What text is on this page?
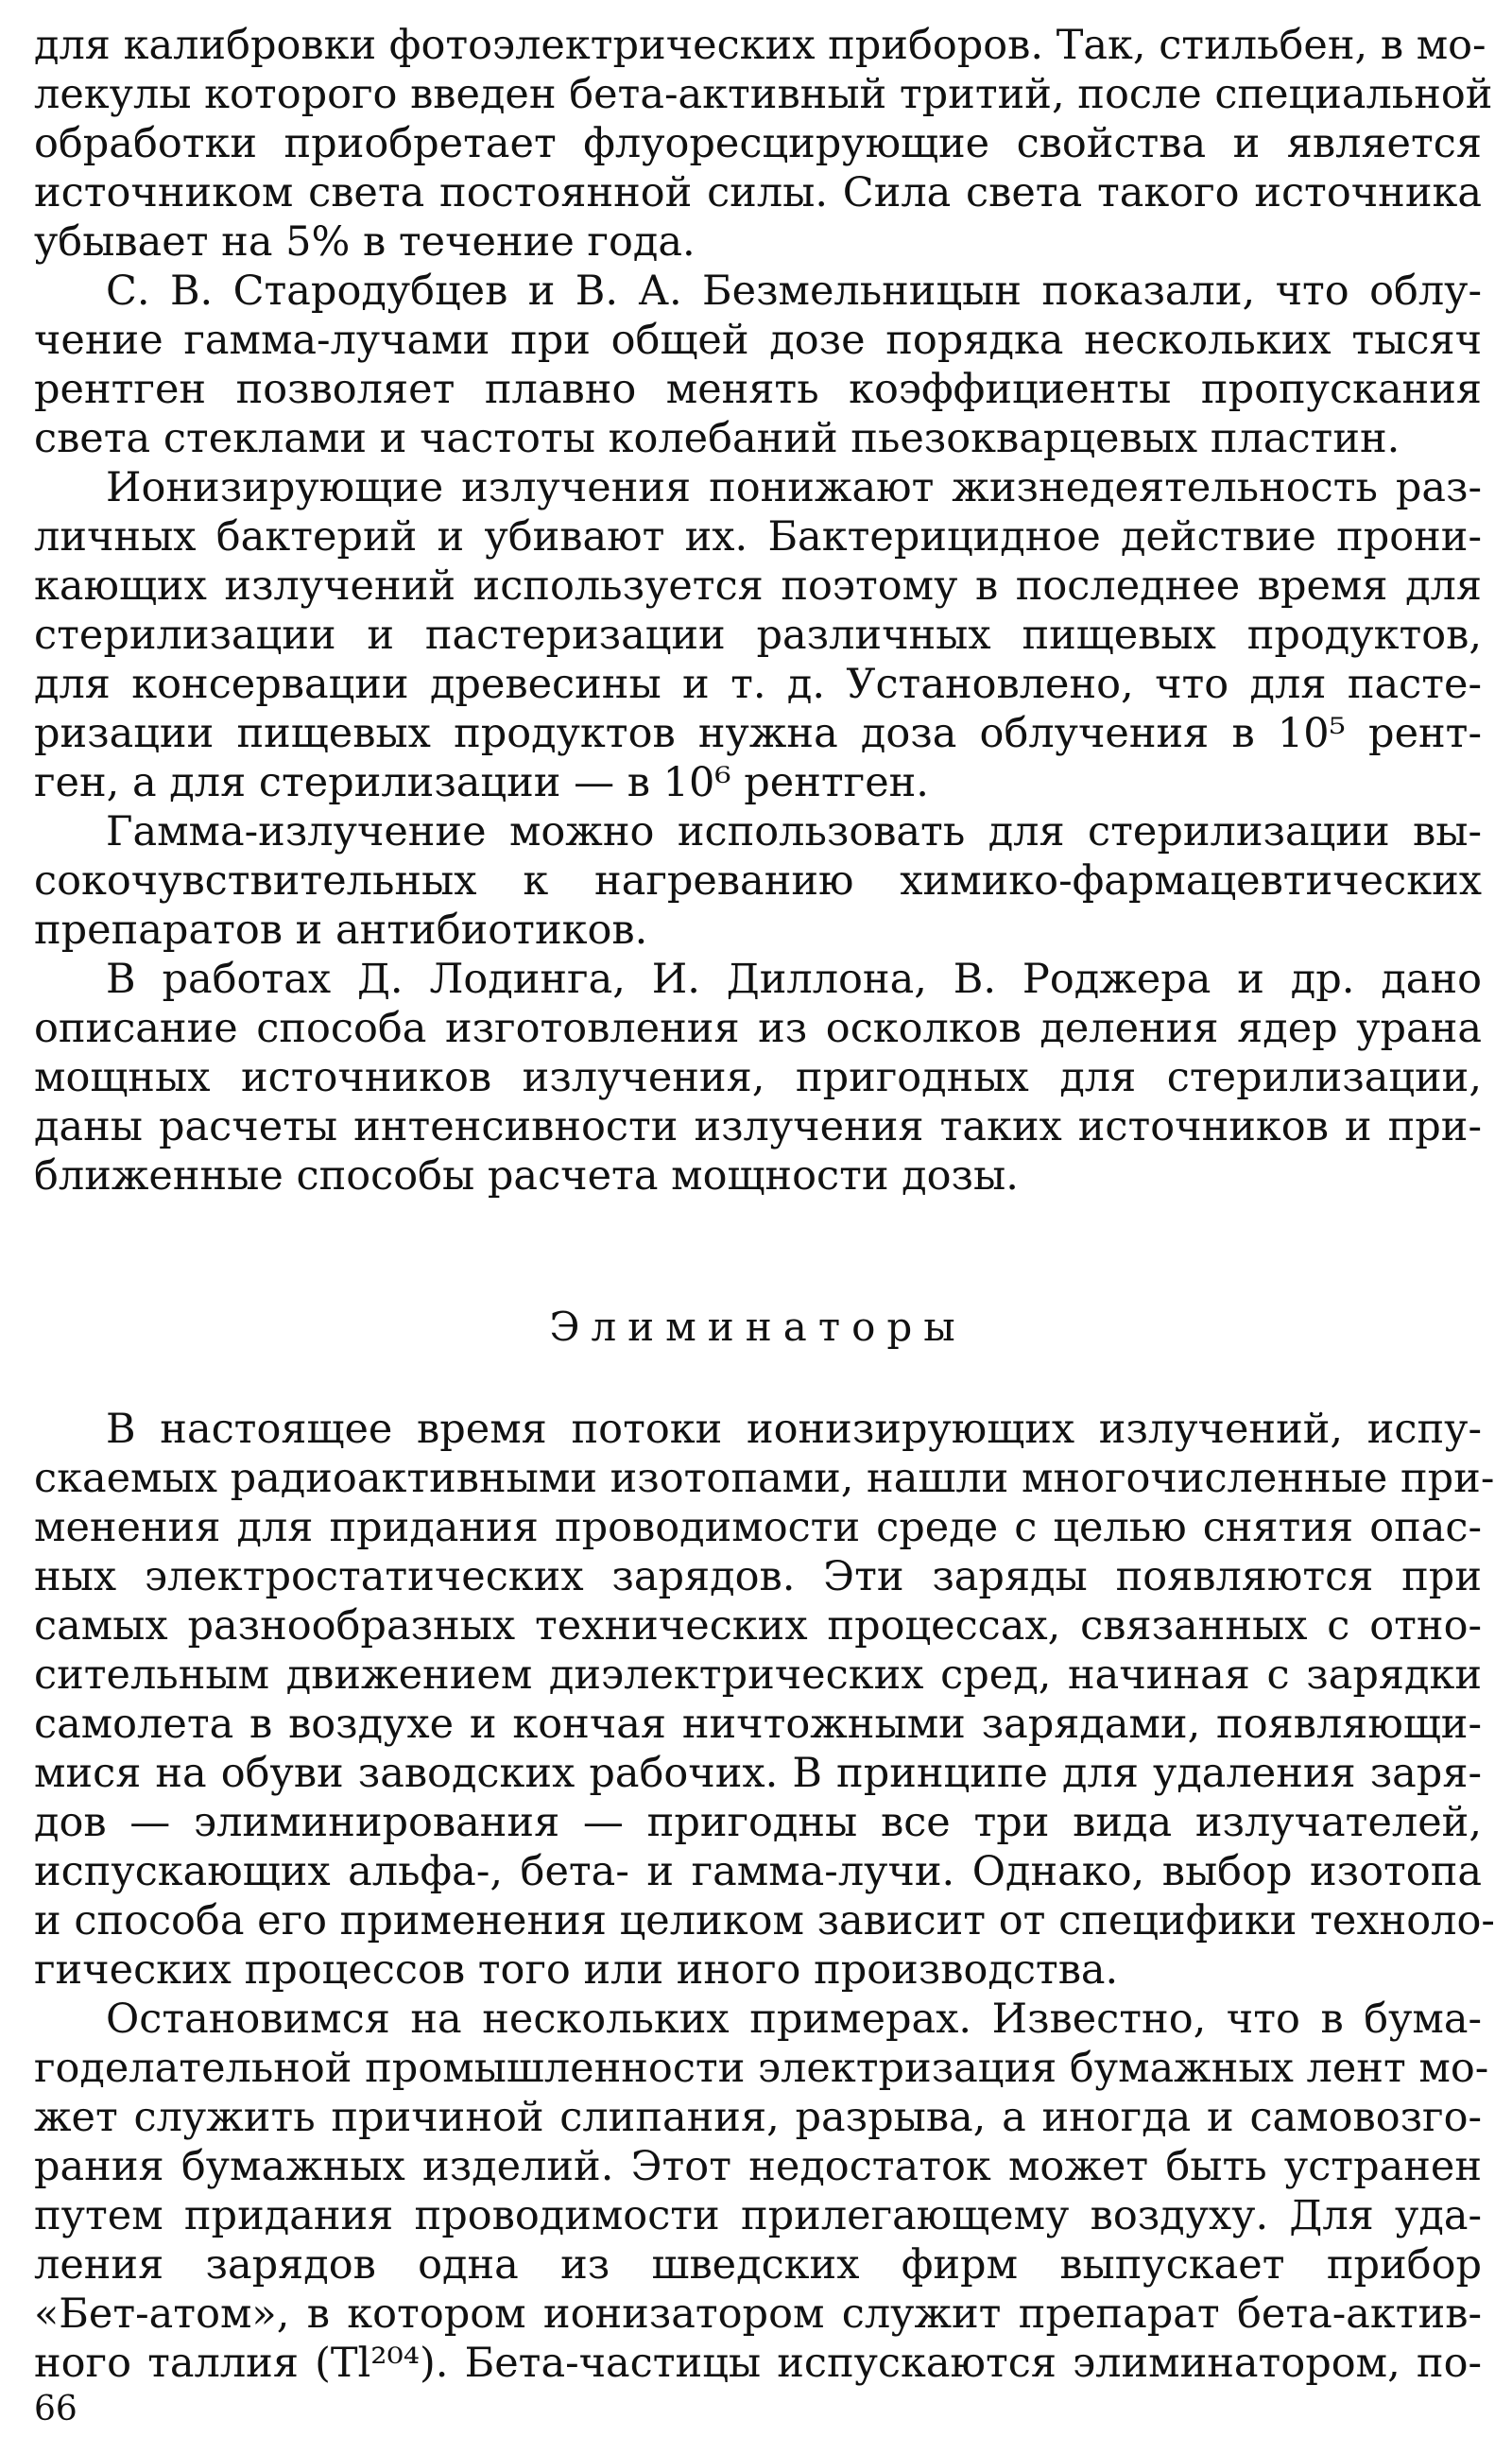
для калибровки фотоэлектрических приборов. Так, стильбен, в мо-
лекулы которого введен бета-активный тритий, после специальной
обработки приобретает флуоресцирующие свойства и является
источником света постоянной силы. Сила света такого источника
убывает на 5% в течение года.
С. В. Стародубцев и В. А. Безмельницын показали, что облу-
чение гамма-лучами при общей дозе порядка нескольких тысяч
рентген позволяет плавно менять коэффициенты пропускания
света стеклами и частоты колебаний пьезокварцевых пластин.
Ионизирующие излучения понижают жизнедеятельность раз-
личных бактерий и убивают их. Бактерицидное действие прони-
кающих излучений используется поэтому в последнее время для
стерилизации и пастеризации различных пищевых продуктов,
для консервации древесины и т. д. Установлено, что для пасте-
ризации пищевых продуктов нужна доза облучения в 10⁵ рент-
ген, а для стерилизации — в 10⁶ рентген.
Гамма-излучение можно использовать для стерилизации вы-
сокочувствительных к нагреванию химико-фармацевтических
препаратов и антибиотиков.
В работах Д. Лодинга, И. Диллона, В. Роджера и др. дано
описание способа изготовления из осколков деления ядер урана
мощных источников излучения, пригодных для стерилизации,
даны расчеты интенсивности излучения таких источников и при-
ближенные способы расчета мощности дозы.
Элиминаторы
В настоящее время потоки ионизирующих излучений, испу-
скаемых радиоактивными изотопами, нашли многочисленные при-
менения для придания проводимости среде с целью снятия опас-
ных электростатических зарядов. Эти заряды появляются при
самых разнообразных технических процессах, связанных с отно-
сительным движением диэлектрических сред, начиная с зарядки
самолета в воздухе и кончая ничтожными зарядами, появляющи-
мися на обуви заводских рабочих. В принципе для удаления заря-
дов — элиминирования — пригодны все три вида излучателей,
испускающих альфа-, бета- и гамма-лучи. Однако, выбор изотопа
и способа его применения целиком зависит от специфики техноло-
гических процессов того или иного производства.
Остановимся на нескольких примерах. Известно, что в бума-
годелательной промышленности электризация бумажных лент мо-
жет служить причиной слипания, разрыва, а иногда и самовозго-
рания бумажных изделий. Этот недостаток может быть устранен
путем придания проводимости прилегающему воздуху. Для уда-
ления зарядов одна из шведских фирм выпускает прибор
«Бет-атом», в котором ионизатором служит препарат бета-актив-
ного таллия (Tl²⁰⁴). Бета-частицы испускаются элиминатором, по-
66
